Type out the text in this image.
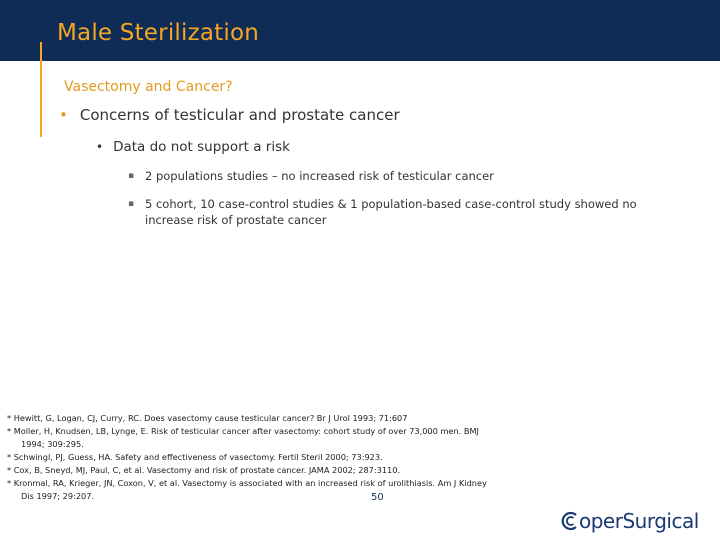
Male Sterilization
Vasectomy and Cancer?
• Concerns of testicular and prostate cancer
• Data do not support a risk
▪ 2 populations studies – no increased risk of testicular cancer
▪ 5 cohort, 10 case-control studies & 1 population-based case-control study showed no increase risk of prostate cancer
* Hewitt, G, Logan, CJ, Curry, RC. Does vasectomy cause testicular cancer? Br J Urol 1993; 71:607
* Moller, H, Knudsen, LB, Lynge, E. Risk of testicular cancer after vasectomy: cohort study of over 73,000 men. BMJ
1994; 309:295.
* Schwingl, PJ, Guess, HA. Safety and effectiveness of vasectomy. Fertil Steril 2000; 73:923.
* Cox, B, Sneyd, MJ, Paul, C, et al. Vasectomy and risk of prostate cancer. JAMA 2002; 287:3110.
* Kronmal, RA, Krieger, JN, Coxon, V, et al. Vasectomy is associated with an increased risk of urolithiasis. Am J Kidney
Dis 1997; 29:207.	50
operSurgical
